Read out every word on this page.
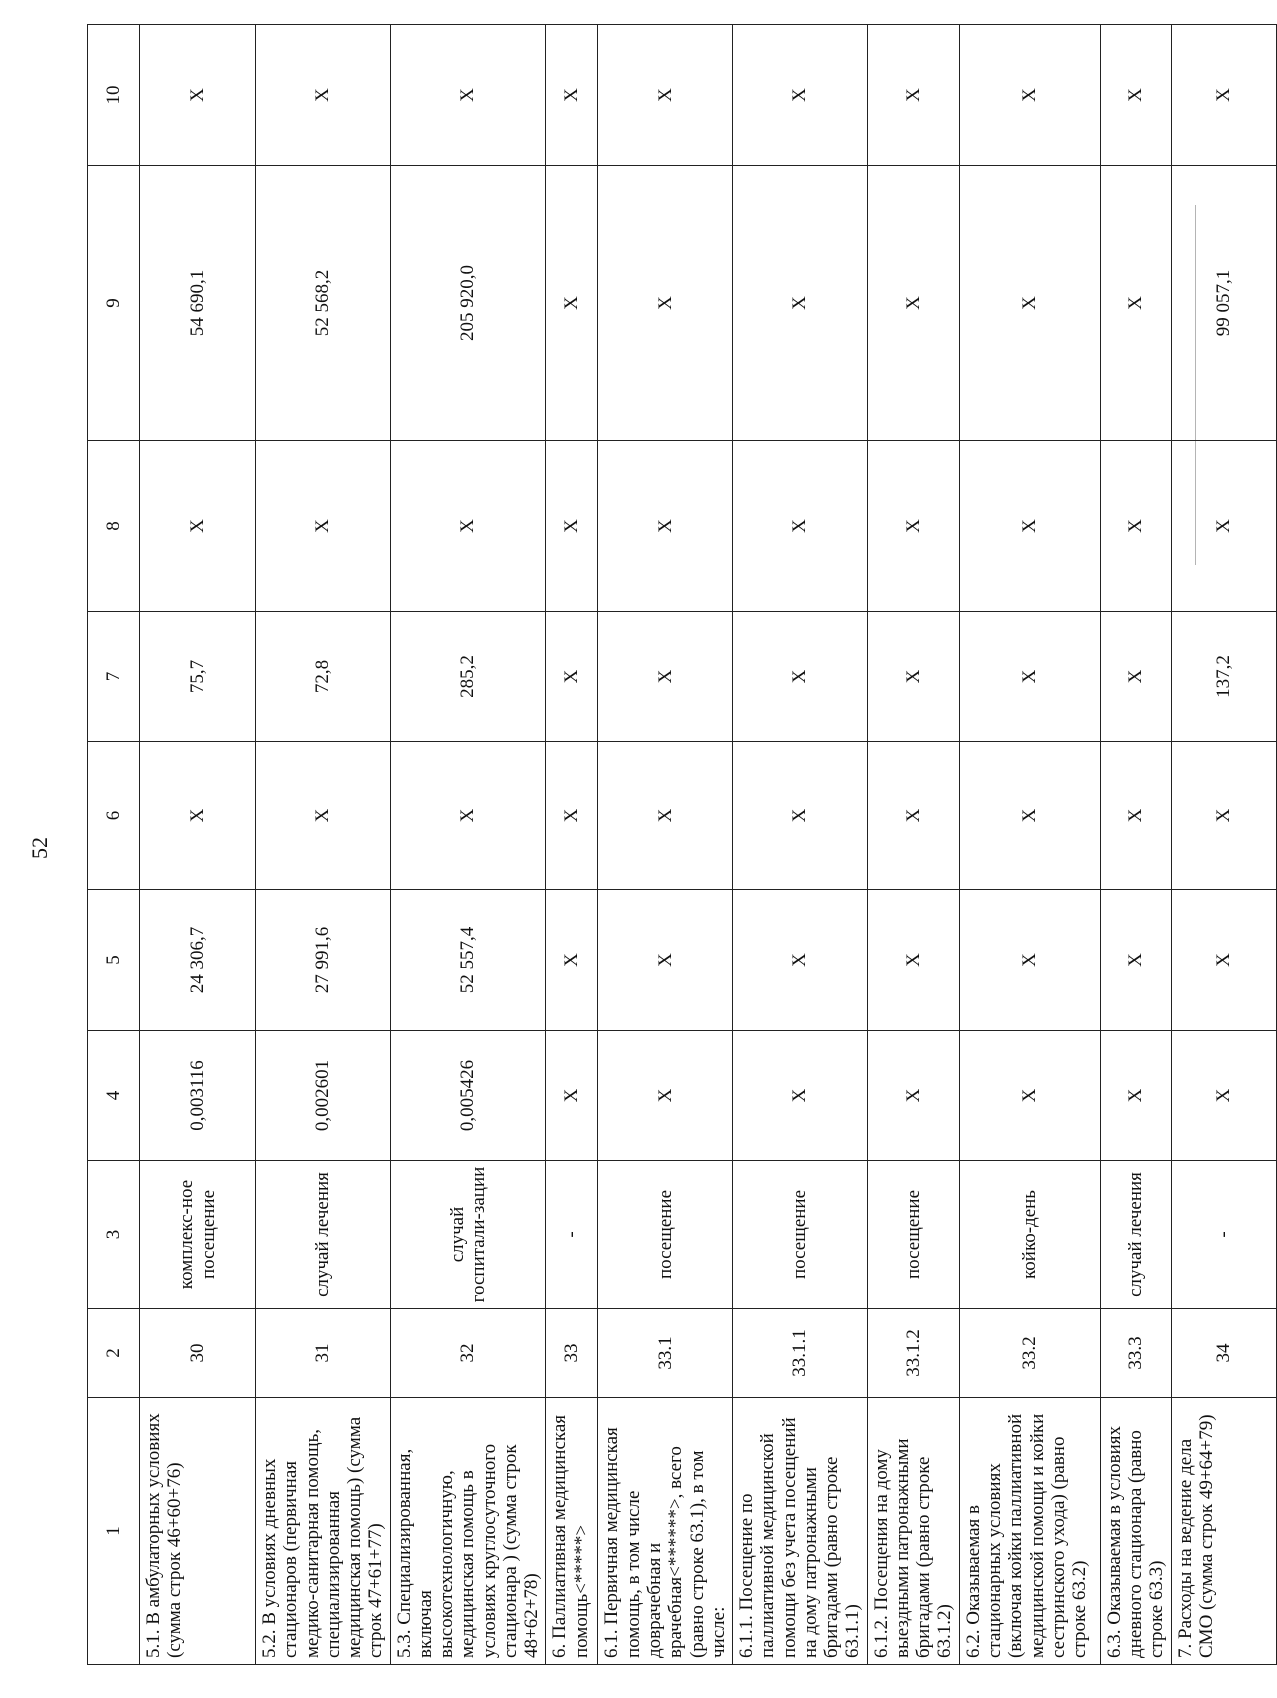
52
1	2	3	4	5	6	7	8	9	10
5.1. В амбулаторных условиях (сумма строк 46+60+76)	30	комплекс-ное посещение	0,003116	24 306,7	X	75,7	X	54 690,1	X
5.2. В условиях дневных стационаров (первичная медико-санитарная помощь, специализированная медицинская помощь) (сумма строк 47+61+77)	31	случай лечения	0,002601	27 991,6	X	72,8	X	52 568,2	X
5.3. Специализированная, включая высокотехнологичную, медицинская помощь в условиях круглосуточного стационара ) (сумма строк 48+62+78)	32	случай госпитали-зации	0,005426	52 557,4	X	285,2	X	205 920,0	X
6. Паллиативная медицинская помощь<*****>	33	-	X	X	X	X	X	X	X
6.1. Первичная медицинская помощь, в том числе доврачебная и врачебная<******>, всего (равно строке 63.1), в том числе:	33.1	посещение	X	X	X	X	X	X	X
6.1.1. Посещение по паллиативной медицинской помощи без учета посещений на дому патронажными бригадами (равно строке 63.1.1)	33.1.1	посещение	X	X	X	X	X	X	X
6.1.2. Посещения на дому выездными патронажными бригадами (равно строке 63.1.2)	33.1.2	посещение	X	X	X	X	X	X	X
6.2. Оказываемая в стационарных условиях (включая койки паллиативной медицинской помощи и койки сестринского ухода) (равно строке 63.2)	33.2	койко-день	X	X	X	X	X	X	X
6.3. Оказываемая в условиях дневного стационара (равно строке 63.3)	33.3	случай лечения	X	X	X	X	X	X	X
7. Расходы на ведение дела СМО (сумма строк 49+64+79)	34	-	X	X	X	137,2	X	99 057,1	X
